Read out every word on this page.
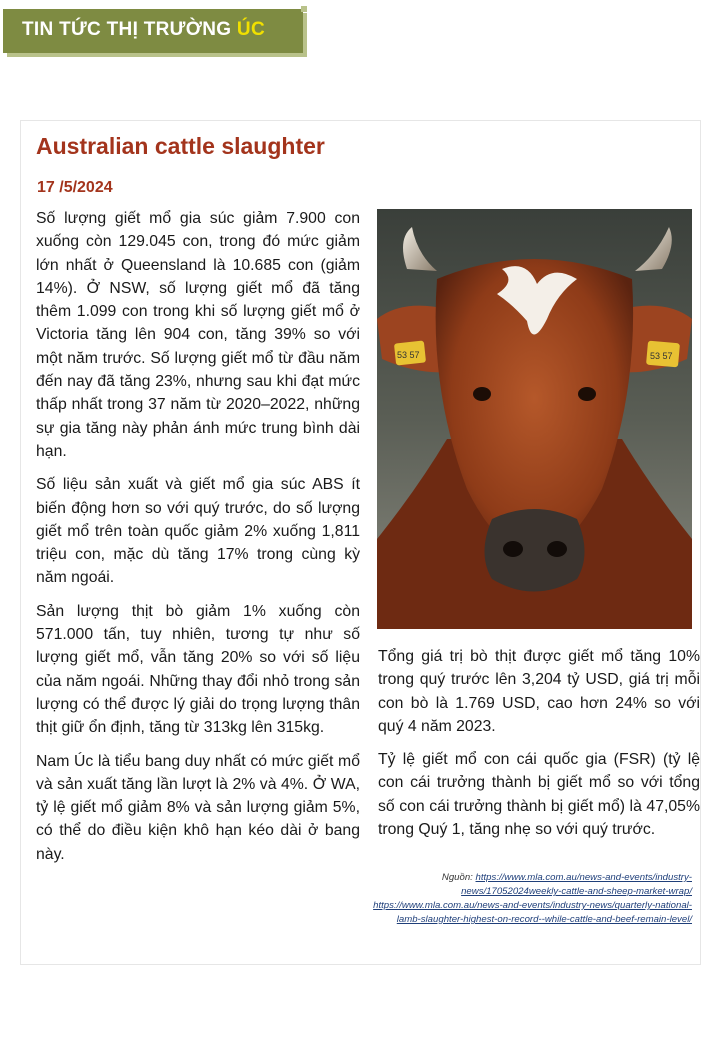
TIN TỨC THỊ TRƯỜNG ÚC
Australian cattle slaughter
17 /5/2024

Số lượng giết mổ gia súc giảm 7.900 con xuống còn 129.045 con, trong đó mức giảm lớn nhất ở Queensland là 10.685 con (giảm 14%). Ở NSW, số lượng giết mổ đã tăng thêm 1.099 con trong khi số lượng giết mổ ở Victoria tăng lên 904 con, tăng 39% so với một năm trước. Số lượng giết mổ từ đầu năm đến nay đã tăng 23%, nhưng sau khi đạt mức thấp nhất trong 37 năm từ 2020–2022, những sự gia tăng này phản ánh mức trung bình dài hạn.

Số liệu sản xuất và giết mổ gia súc ABS ít biến động hơn so với quý trước, do số lượng giết mổ trên toàn quốc giảm 2% xuống 1,811 triệu con, mặc dù tăng 17% trong cùng kỳ năm ngoái.

Sản lượng thịt bò giảm 1% xuống còn 571.000 tấn, tuy nhiên, tương tự như số lượng giết mổ, vẫn tăng 20% so với số liệu của năm ngoái. Những thay đổi nhỏ trong sản lượng có thể được lý giải do trọng lượng thân thịt giữ ổn định, tăng từ 313kg lên 315kg.

Nam Úc là tiểu bang duy nhất có mức giết mổ và sản xuất tăng lần lượt là 2% và 4%. Ở WA, tỷ lệ giết mổ giảm 8% và sản lượng giảm 5%, có thể do điều kiện khô hạn kéo dài ở bang này.

53 57	53 57

Tổng giá trị bò thịt được giết mổ tăng 10% trong quý trước lên 3,204 tỷ USD, giá trị mỗi con bò là 1.769 USD, cao hơn 24% so với quý 4 năm 2023.

Tỷ lệ giết mổ con cái quốc gia (FSR) (tỷ lệ con cái trưởng thành bị giết mổ so với tổng số con cái trưởng thành bị giết mổ) là 47,05% trong Quý 1, tăng nhẹ so với quý trước.

Nguồn: https://www.mla.com.au/news-and-events/industry-news/17052024weekly-cattle-and-sheep-market-wrap/
https://www.mla.com.au/news-and-events/industry-news/quarterly-national-lamb-slaughter-highest-on-record--while-cattle-and-beef-remain-level/
